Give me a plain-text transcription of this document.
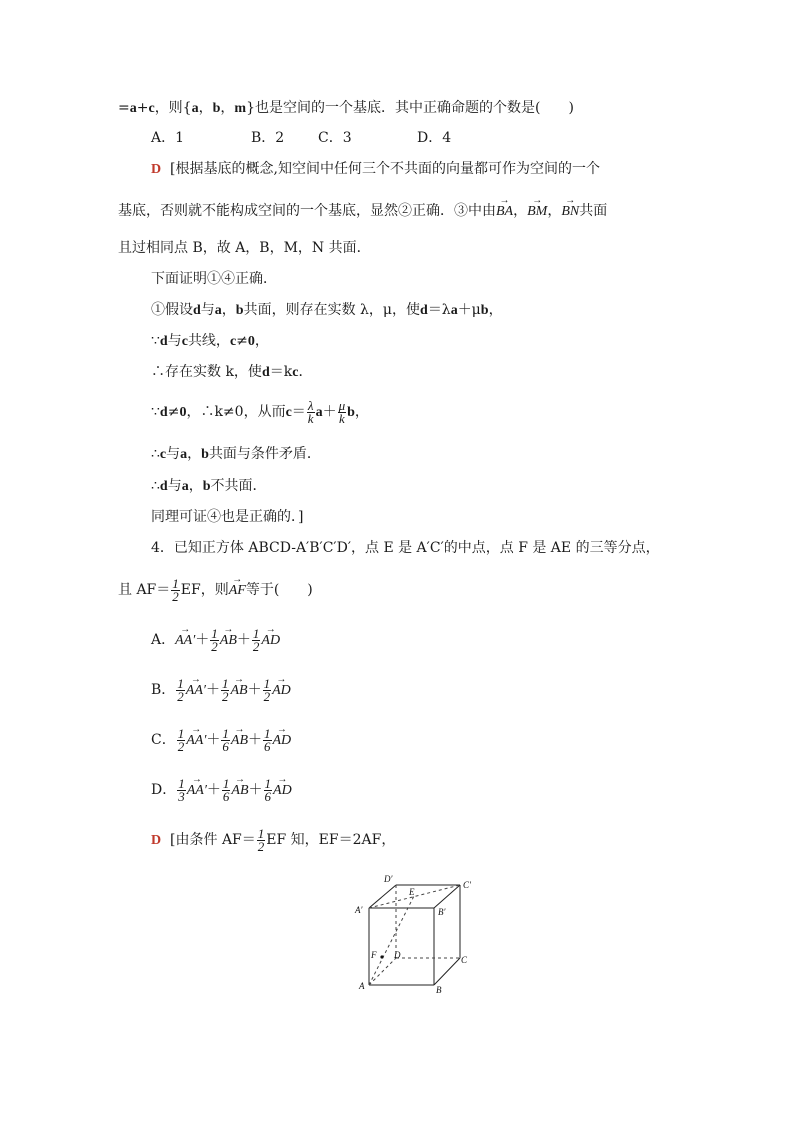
=a+c，则{a，b，m}也是空间的一个基底．其中正确命题的个数是(　　)
A．1	B．2 C．3	D．4
D [根据基底的概念,知空间中任何三个不共面的向量都可作为空间的一个
基底，否则就不能构成空间的一个基底，显然②正确．③中由
→
BA，
→
BM，
→
BN共面
且过相同点 B，故 A，B，M，N 共面．
下面证明①④正确．
①假设d与a，b共面，则存在实数 λ，μ，使d＝λa＋μb，
∵d与c共线，c≠0，
∴存在实数 k，使d＝kc．
∵d≠0，∴k≠0，从而$c= \frac{\lambda}{k} a+ \frac{\mu}{k}$ b，
∴c与a，b共面与条件矛盾．
∴d与a，b不共面．
同理可证④也是正确的．]
4．已知正方体 ABCD-A′B′C′D′，点 E 是 A′C′的中点，点 F 是 AE 的三等分点，
且 $AF= \frac{1}{2}$ EF，则
→
AF等于(　　)
A．
→
$AA'+ \frac{1}{2}$ →
$AB+ \frac{1}{2}$ →
AD
B． $\frac{1}{2}$ →
$AA'+ \frac{1}{2}$ →
$AB+ \frac{1}{2}$ →
AD
C． $\frac{1}{2}$ →
$AA'+ \frac{1}{6}$ →
$AB+ \frac{1}{6}$ →
AD
D． $\frac{1}{3}$ →
$AA'+ \frac{1}{6}$ →
$AB+ \frac{1}{6}$ →
AD
D [由条件 $AF= \frac{1}{2}$ EF 知，EF＝2AF，
D′
E
C′
A′	B′
F D	C
A	B
